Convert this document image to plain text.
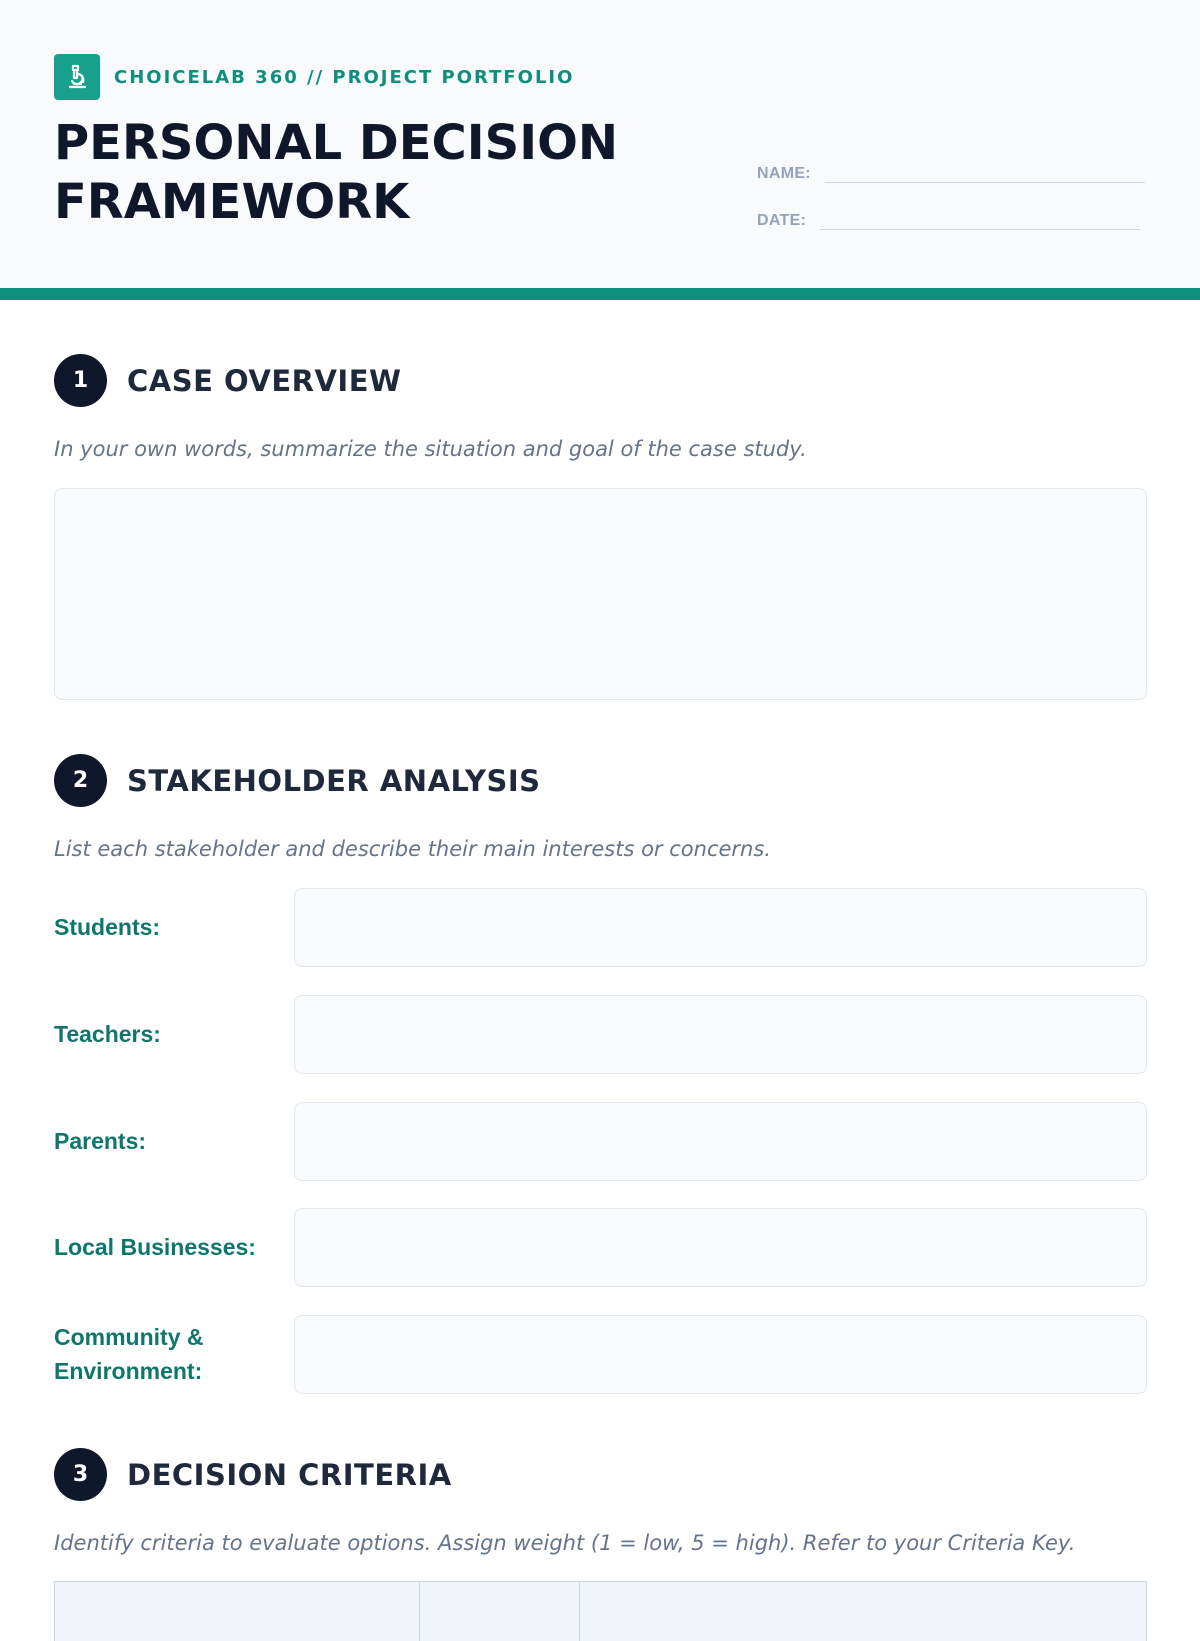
CHOICELAB 360 // PROJECT PORTFOLIO
PERSONAL DECISION
FRAMEWORK
NAME:
DATE:
1	CASE OVERVIEW
In your own words, summarize the situation and goal of the case study.
2	STAKEHOLDER ANALYSIS
List each stakeholder and describe their main interests or concerns.
Students:
Teachers:
Parents:
Local Businesses:
Community & Environment:
3	DECISION CRITERIA
Identify criteria to evaluate options. Assign weight (1 = low, 5 = high). Refer to your Criteria Key.
